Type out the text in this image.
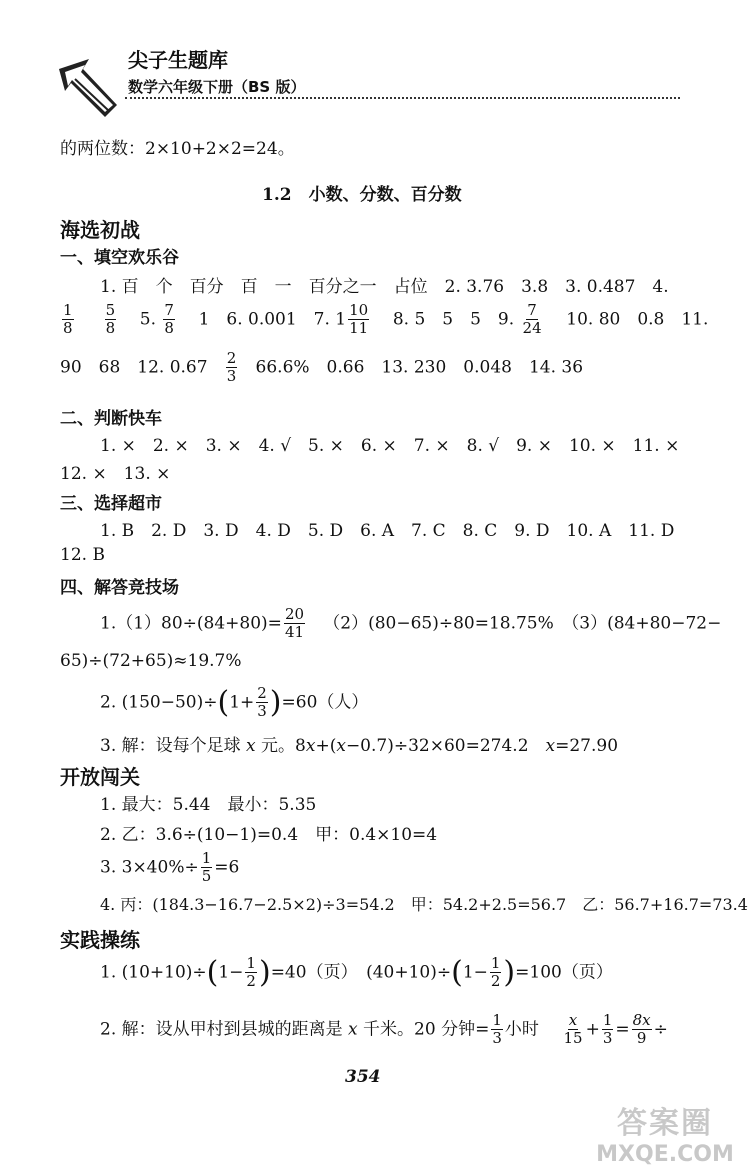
尖子生题库
数学六年级下册（BS 版）
的两位数：2×10+2×2=24。
1.2　小数、分数、百分数
海选初战
一、填空欢乐谷
1. 百　个　百分　百　一　百分之一　占位　2. 3.76　3.8　3. 0.487　4.
$\frac{1}{8}$
$\frac{5}{8} 5$. $\frac{7}{8} 1$　6. 0.001　7. $1 \frac{10}{11} 8$. 5　5　5　9. $\frac{7}{24} 10$. 80　0.8　11.
90　68　12. $0.67 \frac{2}{3} 66.6\%$　0.66　13. 230　0.048　14. 36
二、判断快车
1. ×　2. ×　3. ×　4. √　5. ×　6. ×　7. ×　8. √　9. ×　10. ×　11. ×
12. ×　13. ×
三、选择超市
1. B　2. D　3. D　4. D　5. D　6. A　7. C　8. C　9. D　10. A　11. D
12. B
四、解答竞技场
$1.(1)80\div(84+80)= \frac{20}{41} (2)(80-65)\div 80=18.75\%$　（3）(84+80−72−
65)÷(72+65)≈19.7%
2. $(150-50)\div(1+ \frac{2}{3} )=60$（人）
3. 解：设每个足球 x 元。8x+(x−0.7)÷32×60=274.2　x=27.90
开放闯关
1. 最大：5.44　最小：5.35
2. 乙：3.6÷(10−1)=0.4　甲：0.4×10=4
3. $3\times 40\%\div \frac{1}{5} =6$
4. 丙：(184.3−16.7−2.5×2)÷3=54.2　甲：54.2+2.5=56.7　乙：56.7+16.7=73.4
实践操练
1. $(10+10)\div(1- \frac{1}{2} )=40$（页）　$(40+10)\div(1- \frac{1}{2} )=100$（页）
2. 解：设从甲村到县城的距离是 x 千米。20 分钟= $\frac{1}{3}$ 小时 $\frac{x}{15} + \frac{1}{3} = \frac{8x}{9}$ ÷
354
答案圈
MXQE.COM
